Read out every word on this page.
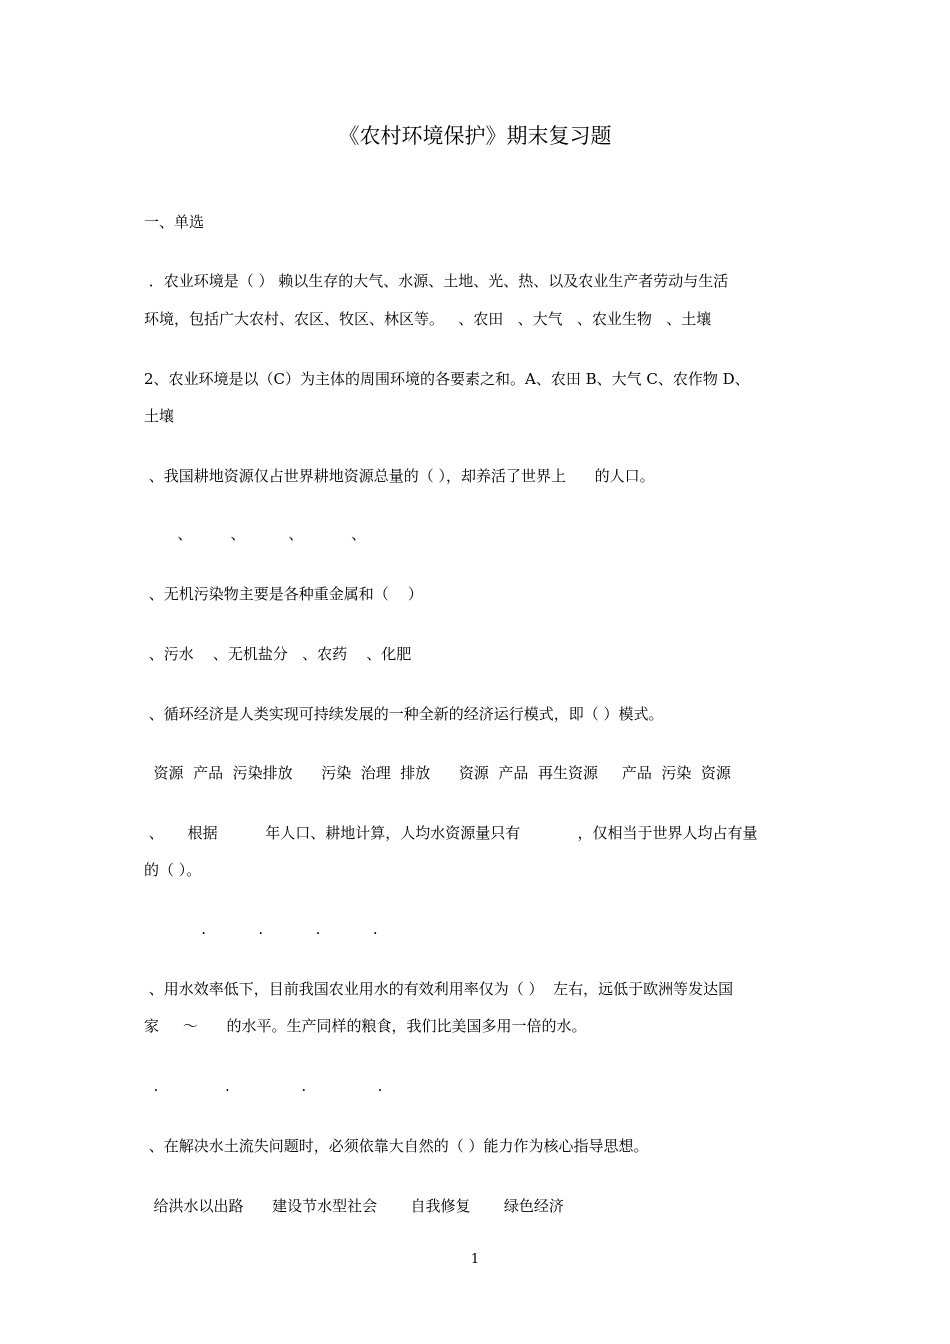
《农村环境保护》期末复习题
一、单选
．农业环境是（ ） 赖以生存的大气、水源、土地、光、热、以及农业生产者劳动与生活
环境，包括广大农村、农区、牧区、林区等。   、农田   、大气   、农业生物   、土壤
2、农业环境是以（C）为主体的周围环境的各要素之和。A、农田 B、大气 C、农作物 D、
土壤
、我国耕地资源仅占世界耕地资源总量的（ ），却养活了世界上      的人口。
、        、         、          、
、无机污染物主要是各种重金属和（    ）
、污水    、无机盐分   、农药    、化肥
、循环经济是人类实现可持续发展的一种全新的经济运行模式，即（ ）模式。
资源  产品  污染排放      污染  治理  排放      资源  产品  再生资源     产品  污染  资源
、     根据          年人口、耕地计算，人均水资源量只有            ，仅相当于世界人均占有量
的（ ）。
.           .           .           .
、用水效率低下，目前我国农业用水的有效利用率仅为（ ）  左右，远低于欧洲等发达国
家     ～      的水平。生产同样的粮食，我们比美国多用一倍的水。
.              .               .               .
、在解决水土流失问题时，必须依靠大自然的（ ）能力作为核心指导思想。
给洪水以出路      建设节水型社会       自我修复       绿色经济
1
